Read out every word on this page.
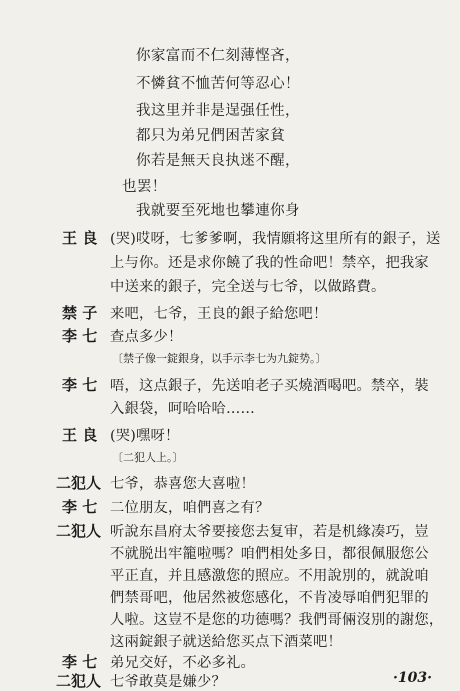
你家富而不仁刻薄悭吝，
不憐貧不恤苦何等忍心！
我这里并非是逞强任性，
都只为弟兄們困苦家貧
你若是無天良执迷不醒，
也罢！
我就要至死地也攀連你身
王 良 (哭)哎呀，七爹爹啊，我情願将这里所有的銀子，送
上与你。还是求你饒了我的性命吧！禁卒，把我家
中送来的銀子，完全送与七爷，以做路費。
禁 子 来吧，七爷，王良的銀子給您吧！
李 七 查点多少！
〔禁子像一錠銀身，以手示李七为九錠势。〕
李 七 唔，这点銀子，先送咱老子买燒酒喝吧。禁卒，裝
入銀袋，呵哈哈哈……
王 良 (哭)嘿呀！
〔二犯人上。〕
二犯人 七爷，恭喜您大喜啦！
李 七 二位朋友，咱們喜之有？
二犯人 听說东昌府太爷要接您去复审，若是机緣凑巧，豈
不就脱出牢籠啦嗎？咱們相处多日，都很佩服您公
平正直，并且感激您的照应。不用說別的，就說咱
們禁哥吧，他居然被您感化，不肯凌辱咱們犯罪的
人啦。这豈不是您的功德嗎？我們哥倆沒別的謝您，
这兩錠銀子就送給您买点下酒菜吧！
李 七 弟兄交好，不必多礼。
二犯人 七爷敢莫是嫌少？	·103·
